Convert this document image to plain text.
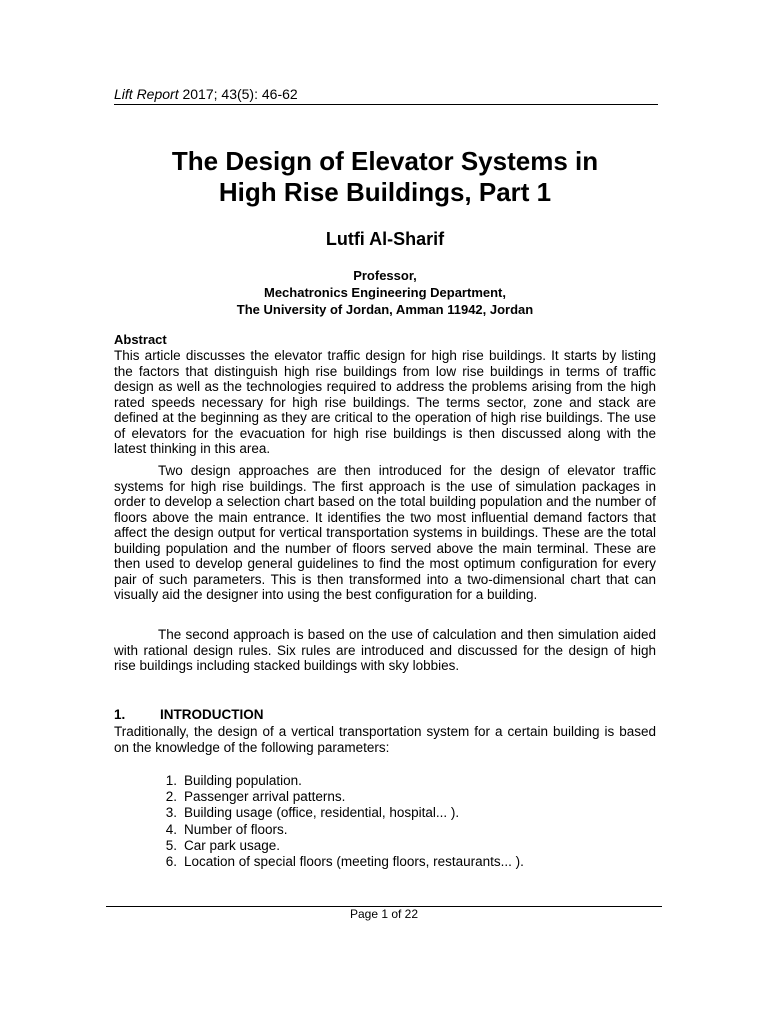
Lift Report 2017; 43(5): 46-62
The Design of Elevator Systems in
High Rise Buildings, Part 1
Lutfi Al-Sharif
Professor,
Mechatronics Engineering Department,
The University of Jordan, Amman 11942, Jordan
Abstract

This article discusses the elevator traffic design for high rise buildings. It starts by listing the factors that distinguish high rise buildings from low rise buildings in terms of traffic design as well as the technologies required to address the problems arising from the high rated speeds necessary for high rise buildings. The terms sector, zone and stack are defined at the beginning as they are critical to the operation of high rise buildings. The use of elevators for the evacuation for high rise buildings is then discussed along with the latest thinking in this area.

Two design approaches are then introduced for the design of elevator traffic systems for high rise buildings. The first approach is the use of simulation packages in order to develop a selection chart based on the total building population and the number of floors above the main entrance. It identifies the two most influential demand factors that affect the design output for vertical transportation systems in buildings. These are the total building population and the number of floors served above the main terminal. These are then used to develop general guidelines to find the most optimum configuration for every pair of such parameters. This is then transformed into a two-dimensional chart that can visually aid the designer into using the best configuration for a building.

The second approach is based on the use of calculation and then simulation aided with rational design rules. Six rules are introduced and discussed for the design of high rise buildings including stacked buildings with sky lobbies.

1.	INTRODUCTION

Traditionally, the design of a vertical transportation system for a certain building is based on the knowledge of the following parameters:

1. Building population.
2. Passenger arrival patterns.
3. Building usage (office, residential, hospital... ).
4. Number of floors.
5. Car park usage.
6. Location of special floors (meeting floors, restaurants... ).
Page 1 of 22
